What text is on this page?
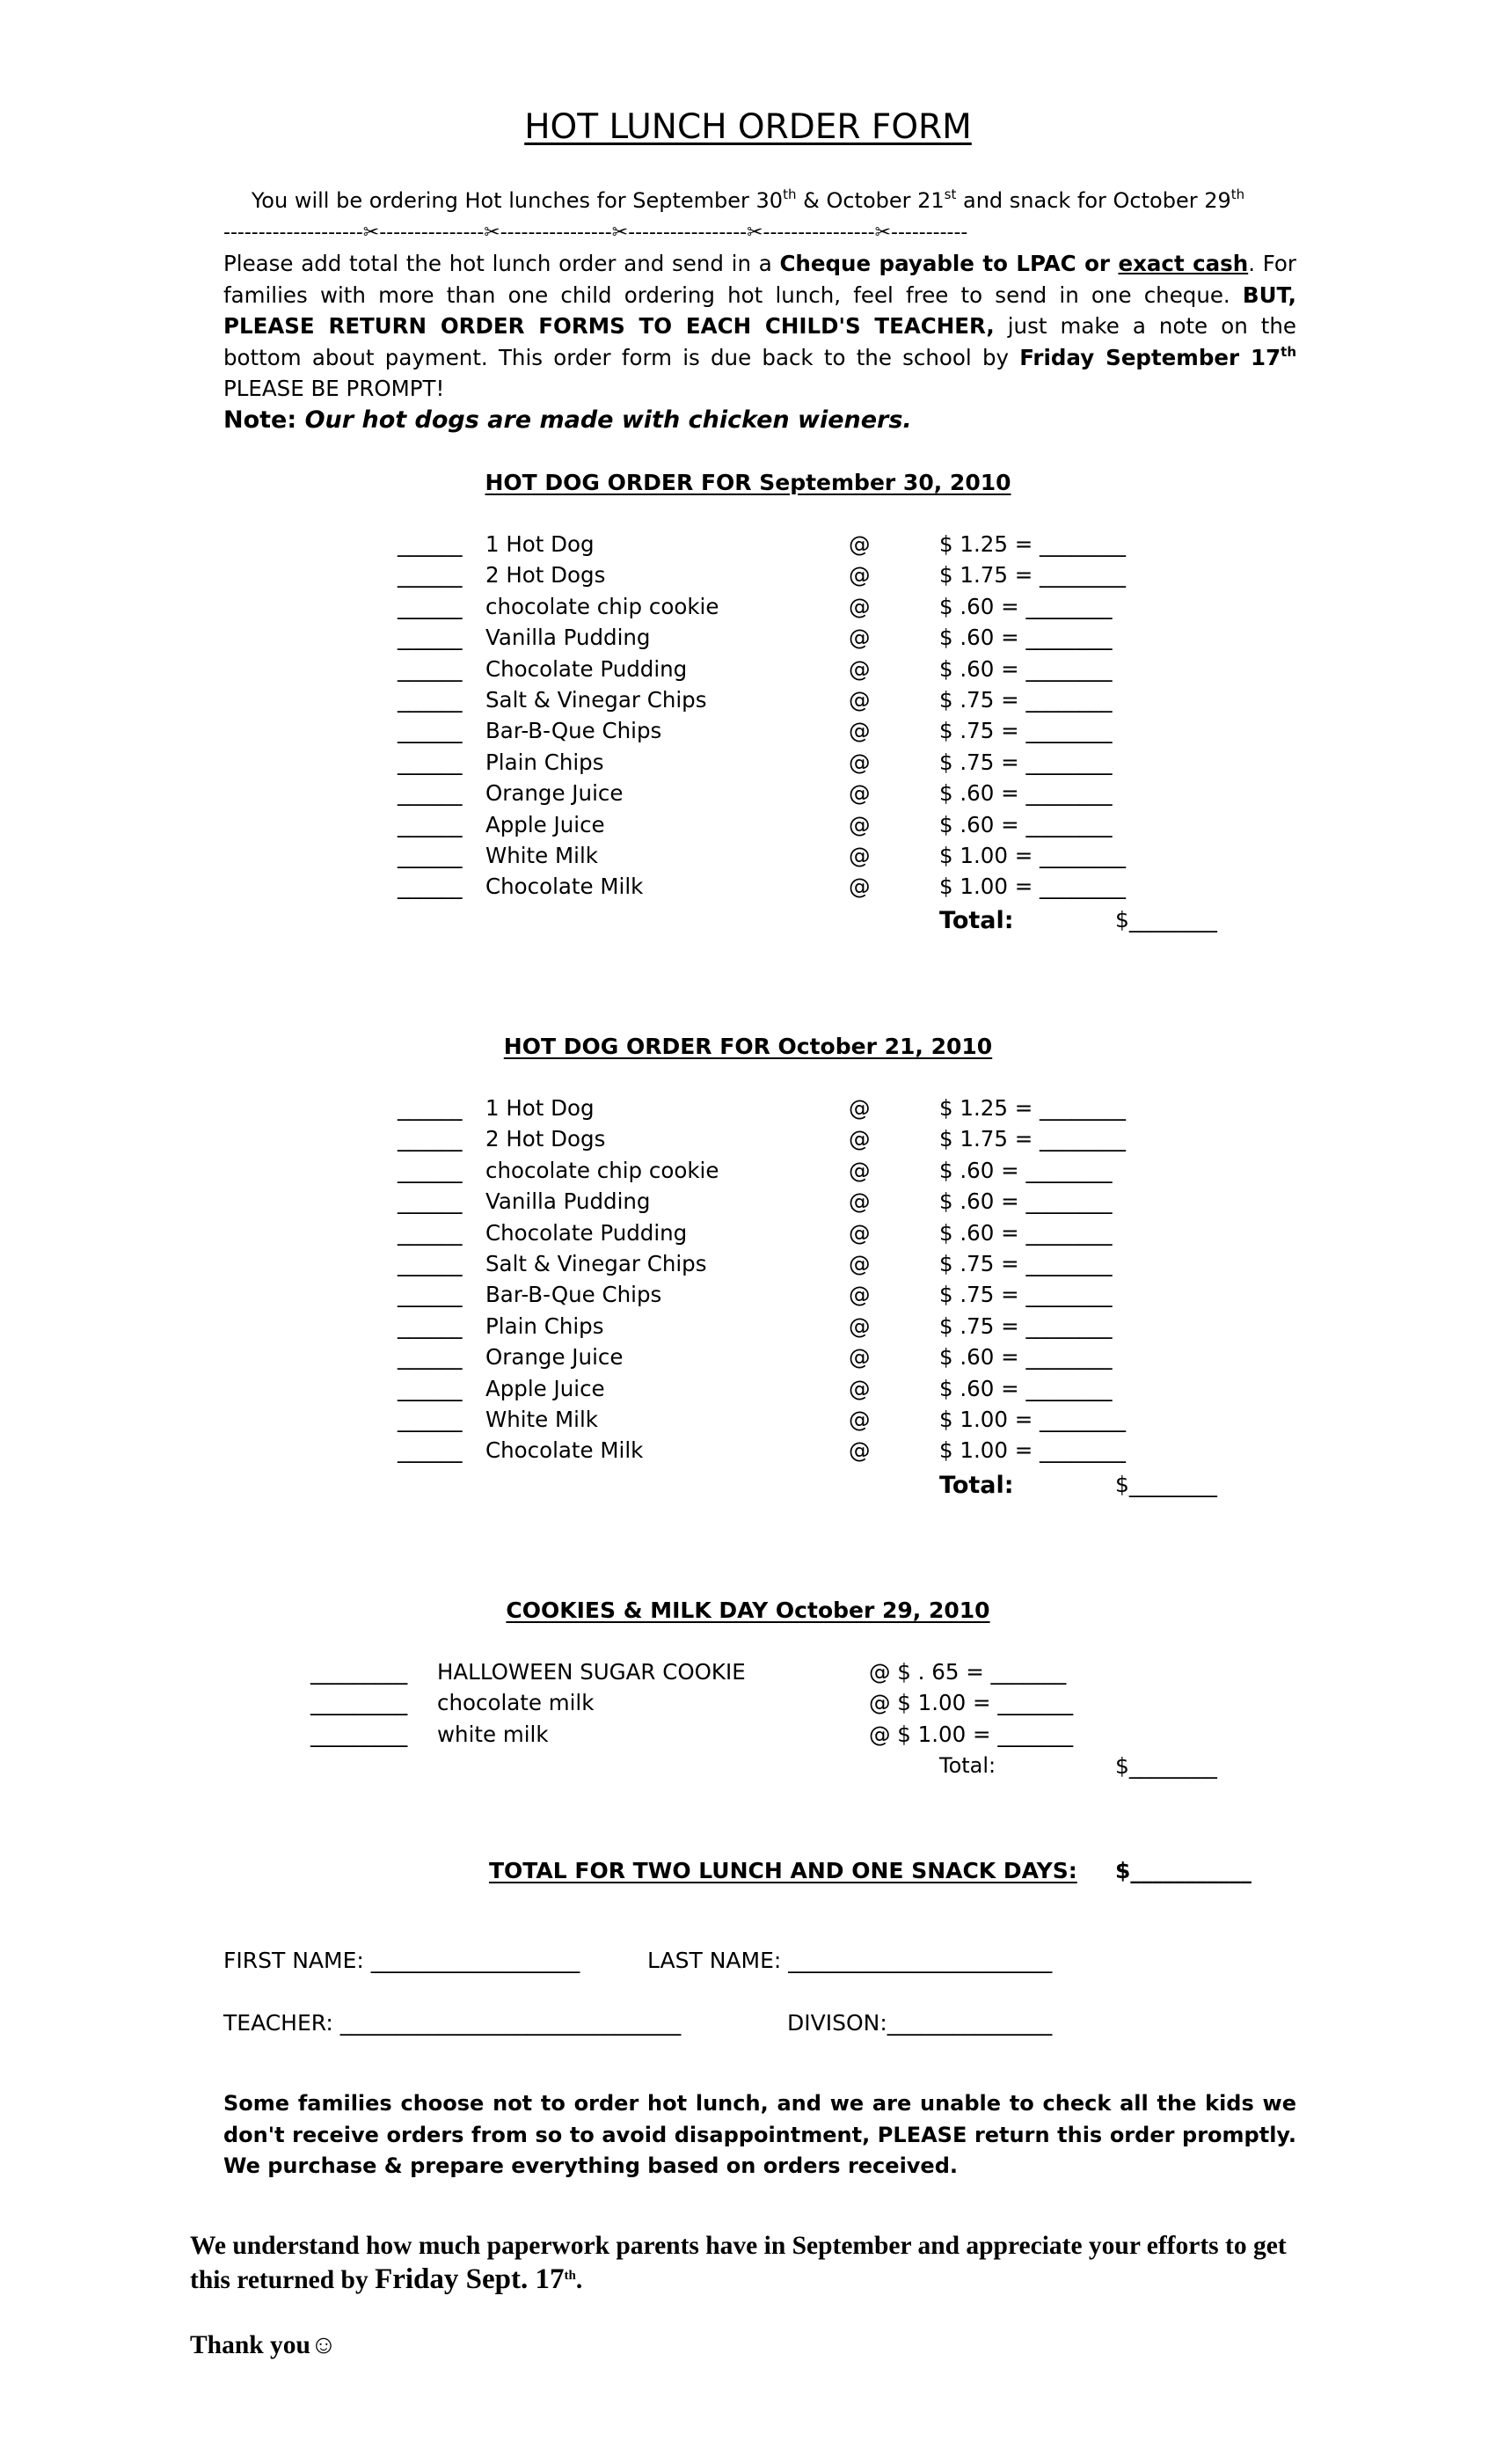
HOT LUNCH ORDER FORM
You will be ordering Hot lunches for September 30th & October 21st and snack for October 29th
--------------------✂---------------✂----------------✂-----------------✂----------------✂-----------
Please add total the hot lunch order and send in a Cheque payable to LPAC or exact cash. For families with more than one child ordering hot lunch, feel free to send in one cheque. BUT, PLEASE RETURN ORDER FORMS TO EACH CHILD'S TEACHER, just make a note on the bottom about payment. This order form is due back to the school by Friday September 17th PLEASE BE PROMPT!
Note: Our hot dogs are made with chicken wieners.
HOT DOG ORDER FOR September 30, 2010
______ 1 Hot Dog	@	$ 1.25 = ________
______ 2 Hot Dogs	@	$ 1.75 = ________
______ chocolate chip cookie	@	$ .60 = ________
______ Vanilla Pudding	@	$ .60 = ________
______ Chocolate Pudding	@	$ .60 = ________
______ Salt & Vinegar Chips	@	$ .75 = ________
______ Bar-B-Que Chips	@	$ .75 = ________
______ Plain Chips	@	$ .75 = ________
______ Orange Juice	@	$ .60 = ________
______ Apple Juice	@	$ .60 = ________
______ White Milk	@	$ 1.00 = ________
______ Chocolate Milk	@	$ 1.00 = ________
Total:	$________
HOT DOG ORDER FOR October 21, 2010
______ 1 Hot Dog	@	$ 1.25 = ________
______ 2 Hot Dogs	@	$ 1.75 = ________
______ chocolate chip cookie	@	$ .60 = ________
______ Vanilla Pudding	@	$ .60 = ________
______ Chocolate Pudding	@	$ .60 = ________
______ Salt & Vinegar Chips	@	$ .75 = ________
______ Bar-B-Que Chips	@	$ .75 = ________
______ Plain Chips	@	$ .75 = ________
______ Orange Juice	@	$ .60 = ________
______ Apple Juice	@	$ .60 = ________
______ White Milk	@	$ 1.00 = ________
______ Chocolate Milk	@	$ 1.00 = ________
Total:	$________
COOKIES & MILK DAY October 29, 2010
_________ HALLOWEEN SUGAR COOKIE	@ $ . 65 = _______
_________ chocolate milk	@ $ 1.00 = _______
_________ white milk	@ $ 1.00 = _______
Total:	$________
TOTAL FOR TWO LUNCH AND ONE SNACK DAYS: $___________
FIRST NAME: ___________________	LAST NAME: ________________________
TEACHER: _______________________________	DIVISON:_______________
Some families choose not to order hot lunch, and we are unable to check all the kids we don't receive orders from so to avoid disappointment, PLEASE return this order promptly. We purchase & prepare everything based on orders received.
We understand how much paperwork parents have in September and appreciate your efforts to get this returned by Friday Sept. 17th.
Thank you☺
